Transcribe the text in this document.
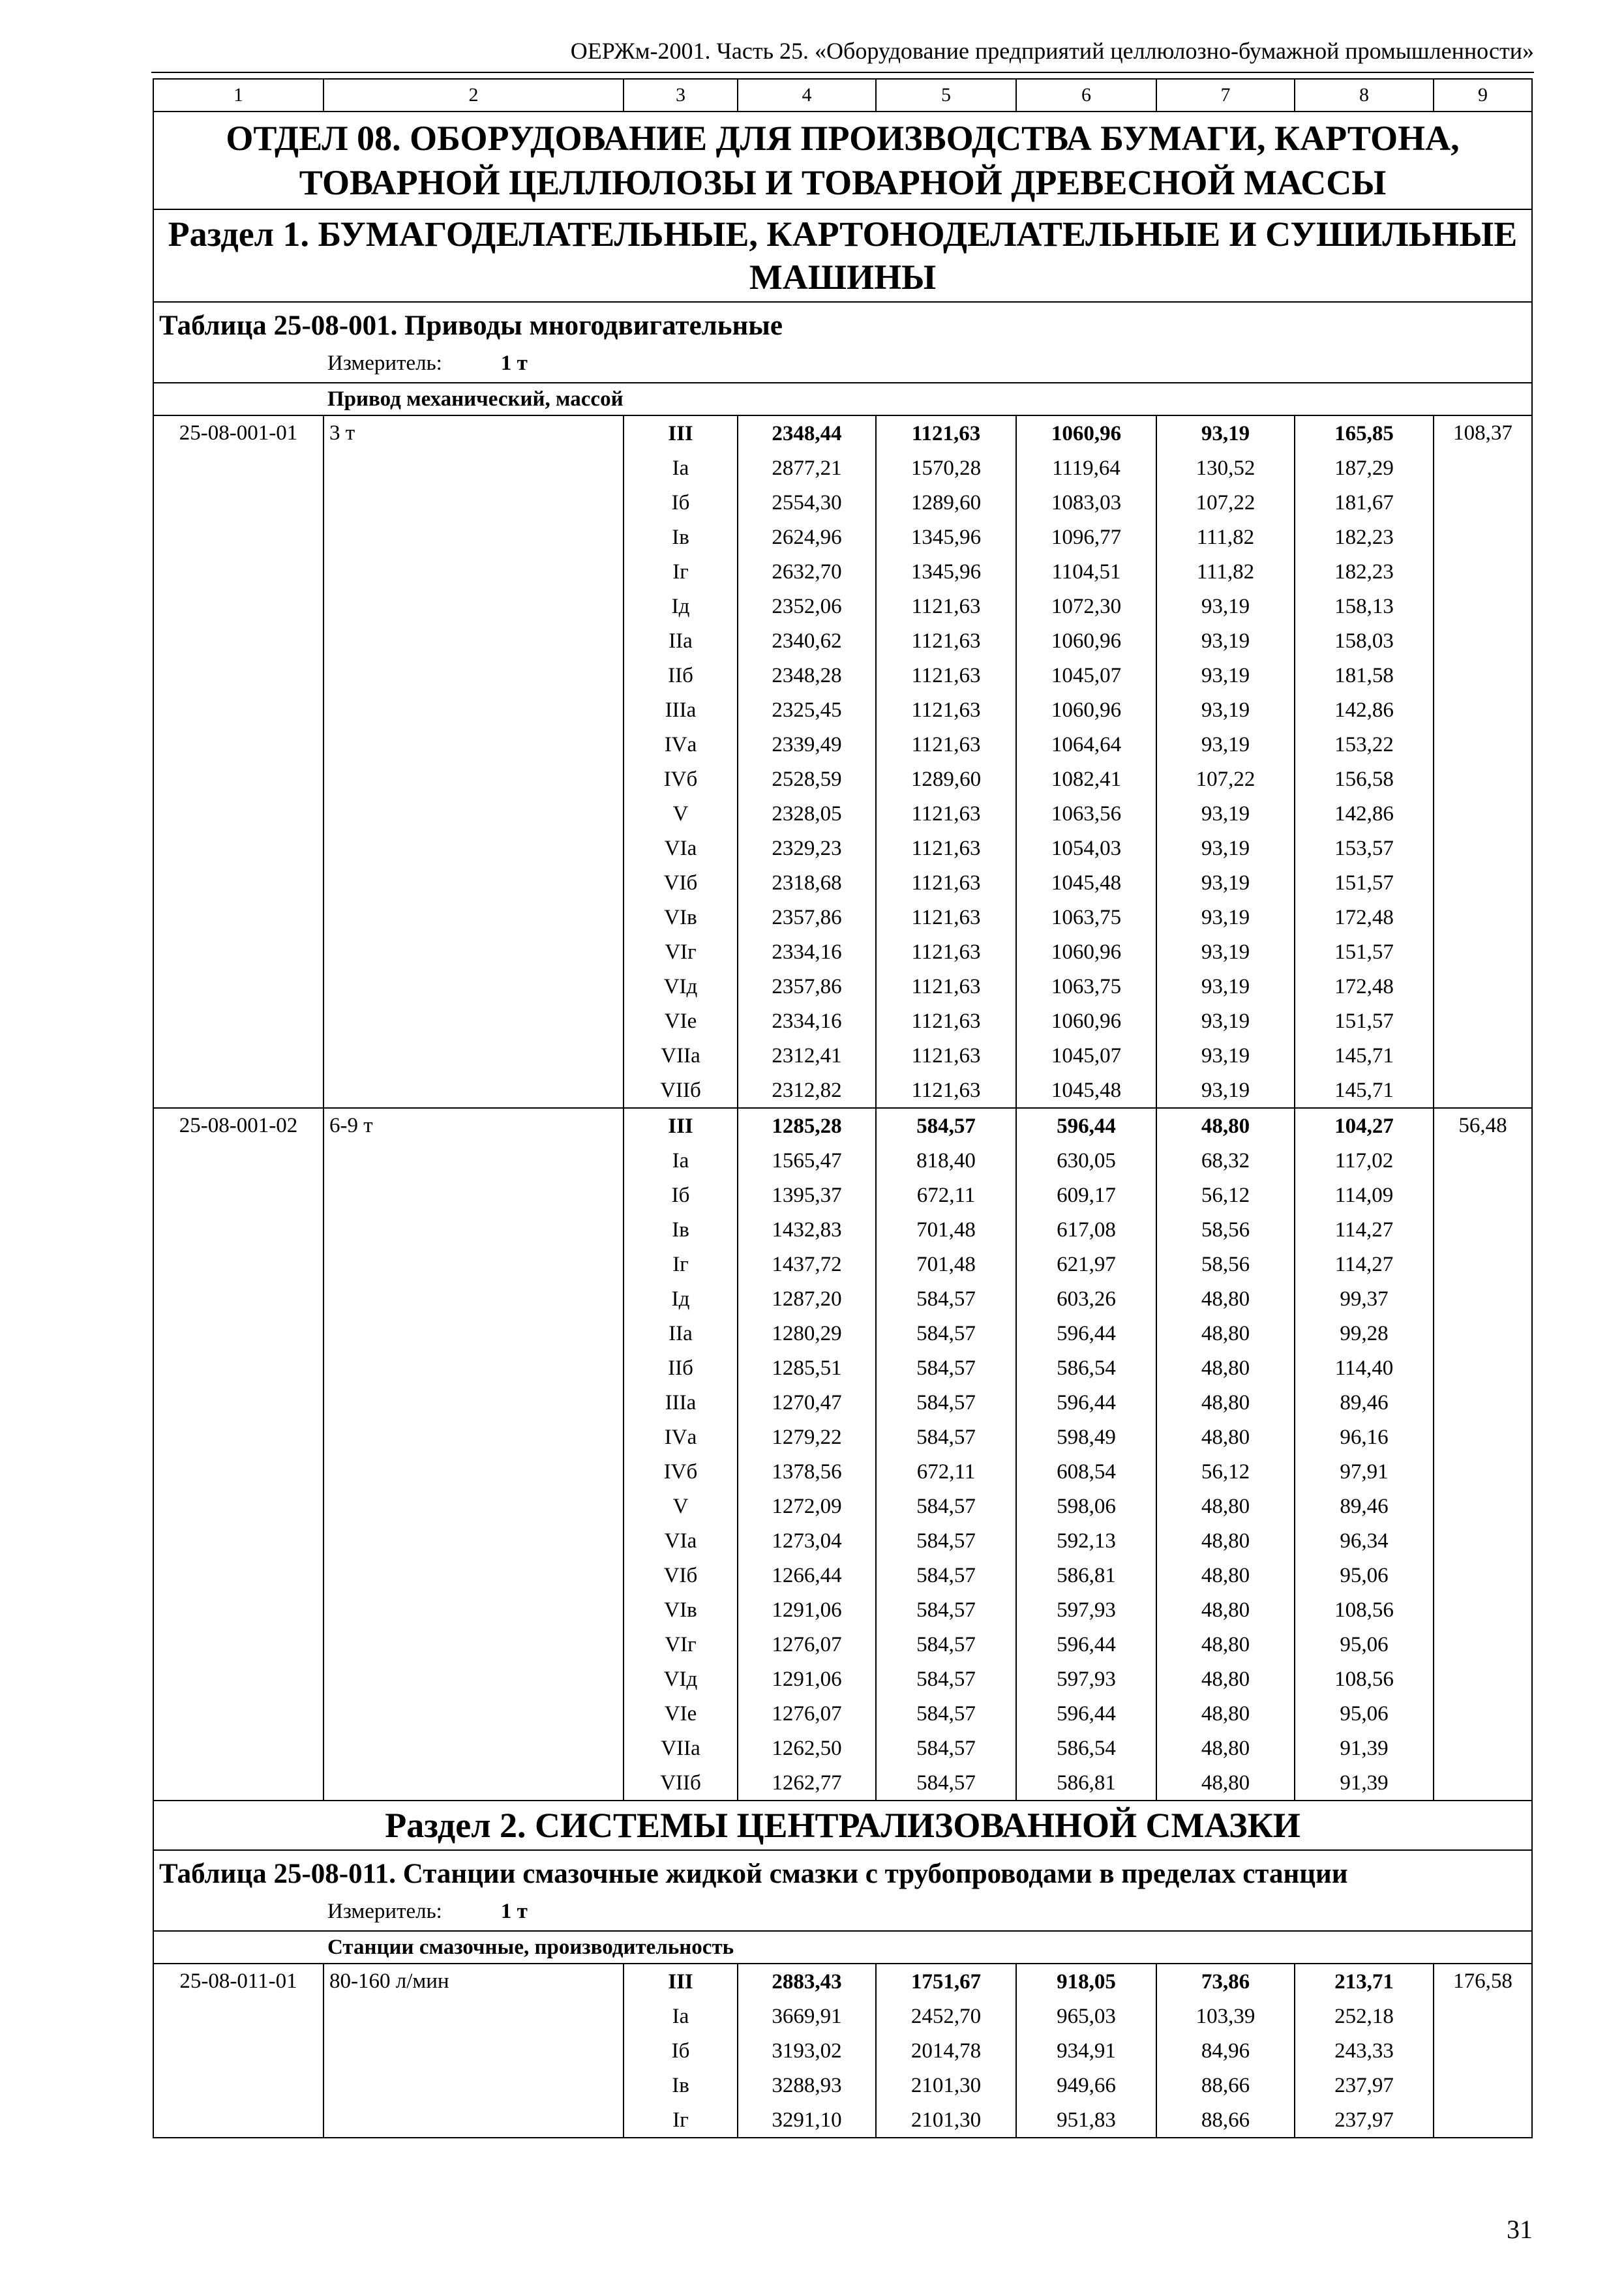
ОЕРЖм-2001. Часть 25. «Оборудование предприятий целлюлозно-бумажной промышленности»
1	2	3	4	5	6	7	8	9
ОТДЕЛ 08. ОБОРУДОВАНИЕ ДЛЯ ПРОИЗВОДСТВА БУМАГИ, КАРТОНА, ТОВАРНОЙ ЦЕЛЛЮЛОЗЫ И ТОВАРНОЙ ДРЕВЕСНОЙ МАССЫ								
Раздел 1. БУМАГОДЕЛАТЕЛЬНЫЕ, КАРТОНОДЕЛАТЕЛЬНЫЕ И СУШИЛЬНЫЕ МАШИНЫ								
Таблица 25-08-001. Приводы многодвигательные								
Измеритель: 1 т								
Привод механический, массой								
25-08-001-01	3 т	III	2348,44	1121,63	1060,96	93,19	165,85	108,37
		Iа	2877,21	1570,28	1119,64	130,52	187,29	
		Iб	2554,30	1289,60	1083,03	107,22	181,67	
		Iв	2624,96	1345,96	1096,77	111,82	182,23	
		Iг	2632,70	1345,96	1104,51	111,82	182,23	
		Iд	2352,06	1121,63	1072,30	93,19	158,13	
		IIа	2340,62	1121,63	1060,96	93,19	158,03	
		IIб	2348,28	1121,63	1045,07	93,19	181,58	
		IIIа	2325,45	1121,63	1060,96	93,19	142,86	
		IVа	2339,49	1121,63	1064,64	93,19	153,22	
		IVб	2528,59	1289,60	1082,41	107,22	156,58	
		V	2328,05	1121,63	1063,56	93,19	142,86	
		VIа	2329,23	1121,63	1054,03	93,19	153,57	
		VIб	2318,68	1121,63	1045,48	93,19	151,57	
		VIв	2357,86	1121,63	1063,75	93,19	172,48	
		VIг	2334,16	1121,63	1060,96	93,19	151,57	
		VIд	2357,86	1121,63	1063,75	93,19	172,48	
		VIе	2334,16	1121,63	1060,96	93,19	151,57	
		VIIа	2312,41	1121,63	1045,07	93,19	145,71	
		VIIб	2312,82	1121,63	1045,48	93,19	145,71	
25-08-001-02	6-9 т	III	1285,28	584,57	596,44	48,80	104,27	56,48
		Iа	1565,47	818,40	630,05	68,32	117,02	
		Iб	1395,37	672,11	609,17	56,12	114,09	
		Iв	1432,83	701,48	617,08	58,56	114,27	
		Iг	1437,72	701,48	621,97	58,56	114,27	
		Iд	1287,20	584,57	603,26	48,80	99,37	
		IIа	1280,29	584,57	596,44	48,80	99,28	
		IIб	1285,51	584,57	586,54	48,80	114,40	
		IIIа	1270,47	584,57	596,44	48,80	89,46	
		IVа	1279,22	584,57	598,49	48,80	96,16	
		IVб	1378,56	672,11	608,54	56,12	97,91	
		V	1272,09	584,57	598,06	48,80	89,46	
		VIа	1273,04	584,57	592,13	48,80	96,34	
		VIб	1266,44	584,57	586,81	48,80	95,06	
		VIв	1291,06	584,57	597,93	48,80	108,56	
		VIг	1276,07	584,57	596,44	48,80	95,06	
		VIд	1291,06	584,57	597,93	48,80	108,56	
		VIе	1276,07	584,57	596,44	48,80	95,06	
		VIIа	1262,50	584,57	586,54	48,80	91,39	
		VIIб	1262,77	584,57	586,81	48,80	91,39	
Раздел 2. СИСТЕМЫ ЦЕНТРАЛИЗОВАННОЙ СМАЗКИ								
Таблица 25-08-011. Станции смазочные жидкой смазки с трубопроводами в пределах станции								
Измеритель: 1 т								
Станции смазочные, производительность								
25-08-011-01	80-160 л/мин	III	2883,43	1751,67	918,05	73,86	213,71	176,58
		Iа	3669,91	2452,70	965,03	103,39	252,18	
		Iб	3193,02	2014,78	934,91	84,96	243,33	
		Iв	3288,93	2101,30	949,66	88,66	237,97	
		Iг	3291,10	2101,30	951,83	88,66	237,97	
31
